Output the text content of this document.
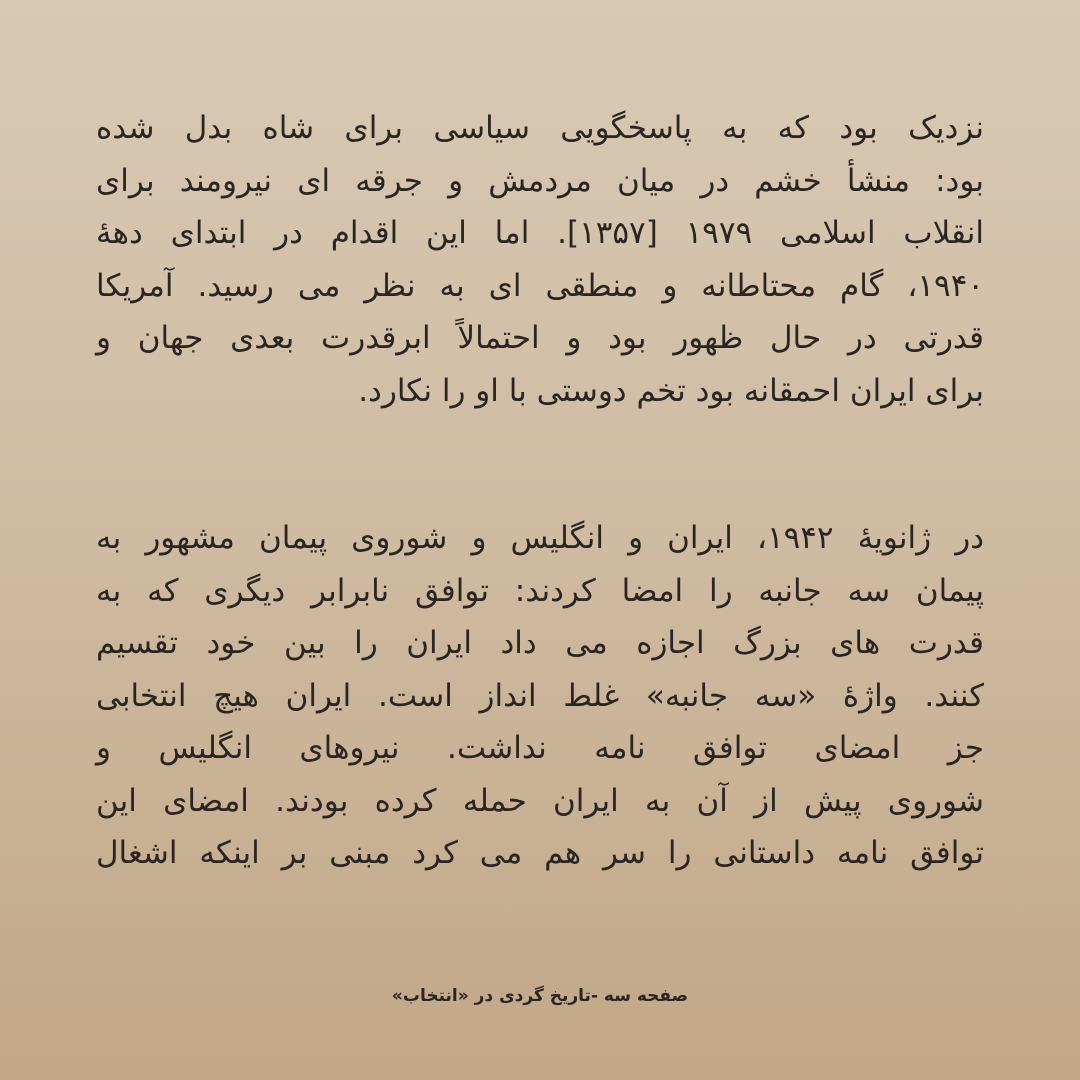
نزدیک بود که به پاسخگویی سیاسی برای شاه بدل شده
بود: منشأ خشم در میان مردمش و جرقه ای نیرومند برای
انقلاب اسلامی ۱۹۷۹ [۱۳۵۷]. اما این اقدام در ابتدای دههٔ
۱۹۴۰، گام محتاطانه و منطقی ای به نظر می رسید. آمریکا
قدرتی در حال ظهور بود و احتمالاً ابرقدرت بعدی جهان و
برای ایران احمقانه بود تخم دوستی با او را نکارد.
در ژانویهٔ ۱۹۴۲، ایران و انگلیس و شوروی پیمان مشهور به
پیمان سه جانبه را امضا کردند: توافق نابرابر دیگری که به
قدرت های بزرگ اجازه می داد ایران را بین خود تقسیم
کنند. واژهٔ «سه جانبه» غلط انداز است. ایران هیچ انتخابی
جز امضای توافق نامه نداشت. نیروهای انگلیس و
شوروی پیش از آن به ایران حمله کرده بودند. امضای این
توافق نامه داستانی را سر هم می کرد مبنی بر اینکه اشغال
صفحه سه -تاریخ گردی در «انتخاب»
